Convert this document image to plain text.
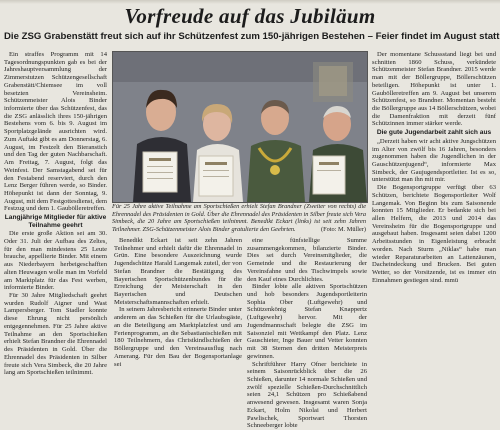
Vorfreude auf das Jubiläum
Die ZSG Grabenstätt freut sich auf ihr Schützenfest zum 150-jährigen Bestehen – Feier findet im August statt

Ein straffes Programm mit 14 Tagesordnungspunkten gab es bei der Jahreshauptversammlung der Zimmerstutzen Schützengesellschaft Grabenstätt/Chiemsee im voll besetzten Vereinsheim. Schützenmeister Alois Binder informierte über das Schützenfest, das die ZSG anlässlich ihres 150-jährigen Bestehens vom 6. bis 9. August im Sportplatzgelände ausrichten wird. Zum Auftakt gibt es am Donnerstag, 6. August, im Festzelt den Bieranstich und den Tag der guten Nachbarschaft. Am Freitag, 7. August, folgt das Weinfest. Der Samstagabend sei für den Festabend reserviert, durch den Lenz Berger führen werde, so Binder. Höhepunkt ist dann der Sonntag, 9. August, mit dem Festgottesdienst, dem Festzug und dem 1. Gaubölleretreffen.

Langjährige Mitglieder für aktive Teilnahme geehrt

Die erste große Aktion sei am 30. Oder 31. Juli der Aufbau des Zeltes, für den man mindestens 25 Leute brauche, appellierte Binder. Mit einem aus Niederbayern herbeigeschafften alten Heuwagen wolle man im Vorfeld am Marktplatz für das Fest werben, informierte Binder.

Für 30 Jahre Mitgliedschaft geehrt wurden Rudolf Aigner und Wast Lampersberger. Tom Stadler konnte diese Ehrung nicht persönlich entgegennehmen. Für 25 Jahre aktive Teilnahme an den Sportschießen erhielt Stefan Brandner die Ehrennadel des Präsidenten in Gold. Über die Ehrennadel des Präsidenten in Silber freute sich Vera Simbeck, die 20 Jahre lang am Sportschießen teilnimmt.

Für 25 Jahre aktive Teilnahme am Sportschießen erhielt Stefan Brandner (Zweiter von rechts) die Ehrennadel des Präsidenten in Gold. Über die Ehrennadel des Präsidenten in Silber freute sich Vera Simbeck, die 20 Jahre am Sportschießen teilnimmt. Benedikt Eckart (links) ist seit zehn Jahren Teilnehmer. ZSG-Schützenmeister Alois Binder gratulierte den Geehrten.	(Foto: M. Müller)

Benedikt Eckart ist seit zehn Jahren Teilnehmer und erhielt dafür die Ehrennadel in Grün. Eine besondere Auszeichnung wurde Jugendschütze Harald Langemak zuteil, der von Stefan Brandner die Bestätigung des Bayerischen Sportschützenbundes für die Erreichung der Meisterschaft in den Bayerischen und Deutschen Meisterschaftsmannschaften erhielt.

In seinem Jahresbericht erinnerte Binder unter anderem an das Schießen für die Urlaubsgäste, an die Beteiligung am Marktplatzfest und am Ferienprogramm, an die Sebastianischießen mit 180 Teilnehmern, das Christkindlschießen der Böllergruppe und den Vereinsausflug nach Amerang. Für den Bau der Bogensportanlage sei

eine fünfstellige Summe zusammengekommen, bilanzierte Binder. Dies sei durch Vereinsmitglieder, die Gemeinde und die Restaurierung der Vereinsfahne und des Tischwimpels sowie den Kauf eines Durchlichtes.

Binder lobte alle aktiven Sportschützen und hob besonders Jugendsportleiterin Sophia Ober (Luftgewehr) und Schützenkönig Stefan Knappertz (Luftgewehr) hervor. Mit der Jugendmannschaft belegte die ZSG im Saisonziel mit Wettkampf den Platz. Lenz Gauschieter, Inge Bauer und Vetter konnten mit 38 Sternen den dritten Meisterpreis gewinnen.

Schriftführer Harry Ofner berichtete in seinem Saisonrückblick über die 26 Schießen, darunter 14 normale Schießen und zwölf spezielle Schießen-Durchschnittlich seien 24,1 Schützen pro Schießabend anwesend gewesen. Insgesamt waren Sonja Eckart, Holm Nikolai und Herbert Pawlischek, Sportwart Thorsten Schneeberger lobte

Der momentane Schussstand liegt bei und schnitten 1860 Schuss, verkündete Schützenmeister Stefan Brandner. 2015 werde man mit der Böllergruppe, Böllerschützen beteiligen. Höhepunkt ist unter 1. Gaubölleretreffen am 9. August bei unserem Schützenfest, so Brandner. Momentan besteht die Böllergruppe aus 14 Böllerschützen, wobei die Damenfraktion mit derzeit fünf Schützinnen immer stärker werde.

Die gute Jugendarbeit zahlt sich aus

„Derzeit haben wir acht aktive Jungschützen im Alter von zwölf bis 16 Jahren, besonders zugenommen haben die Jugendlichen in der Gauschützenjugend“, informierte Max Simbeck, der Gaujugendsportleiter. Ist es so, unterstützt man ihn mit mir.

Die Bogensportgruppe verfügt über 63 Schützen, berichtete Bogensportleiter Wolf Langemak. Von Beginn bis zum Saisonende konnten 15 Mitglieder. Er bedankte sich bei allen Helfern, die 2013 und 2014 das Vereinsheim für die Bogensportgruppe und ausgebaut haben. Insgesamt seien dabei 1200 Arbeitsstunden in Eigenleistung erbracht worden. Nach Sturm „Niklas“ habe man wieder Reparaturarbeiten an Lattenzäunen, Dacheindeckung und Brucken. Bei guten Wetter, so der Vorsitzende, ist es immer ein Einnahmen gestiegen sind. mmü
